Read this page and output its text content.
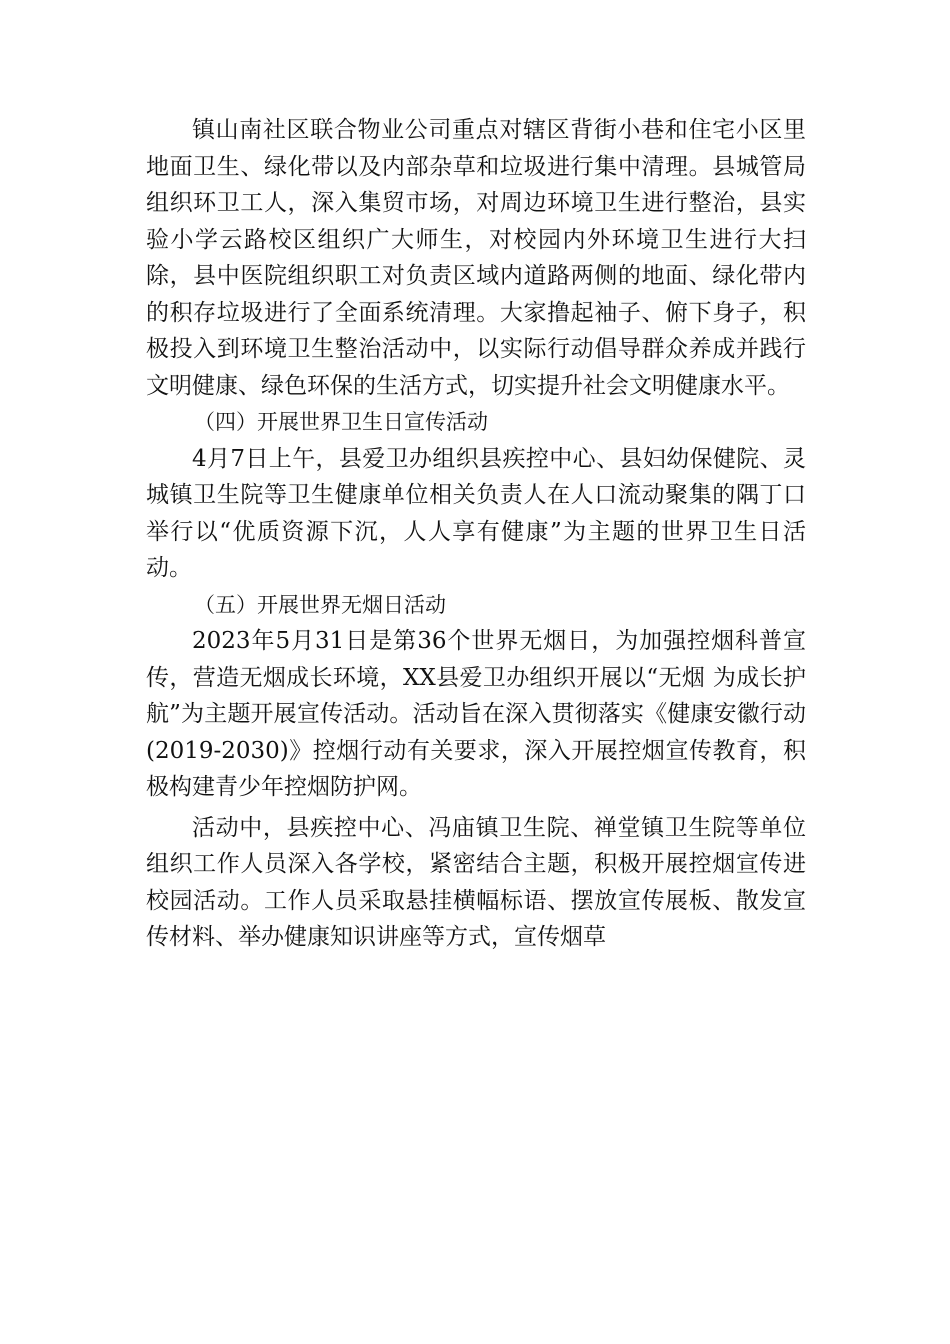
镇山南社区联合物业公司重点对辖区背街小巷和住宅小区里地面卫生、绿化带以及内部杂草和垃圾进行集中清理。县城管局组织环卫工人，深入集贸市场，对周边环境卫生进行整治，县实验小学云路校区组织广大师生，对校园内外环境卫生进行大扫除，县中医院组织职工对负责区域内道路两侧的地面、绿化带内的积存垃圾进行了全面系统清理。大家撸起袖子、俯下身子，积极投入到环境卫生整治活动中，以实际行动倡导群众养成并践行文明健康、绿色环保的生活方式，切实提升社会文明健康水平。

（四）开展世界卫生日宣传活动

4月7日上午，县爱卫办组织县疾控中心、县妇幼保健院、灵城镇卫生院等卫生健康单位相关负责人在人口流动聚集的隅丁口举行以“优质资源下沉，人人享有健康”为主题的世界卫生日活动。

（五）开展世界无烟日活动

2023年5月31日是第36个世界无烟日，为加强控烟科普宣传，营造无烟成长环境，XX县爱卫办组织开展以“无烟 为成长护航”为主题开展宣传活动。活动旨在深入贯彻落实《健康安徽行动(2019-2030)》控烟行动有关要求，深入开展控烟宣传教育，积极构建青少年控烟防护网。

活动中，县疾控中心、冯庙镇卫生院、禅堂镇卫生院等单位组织工作人员深入各学校，紧密结合主题，积极开展控烟宣传进校园活动。工作人员采取悬挂横幅标语、摆放宣传展板、散发宣传材料、举办健康知识讲座等方式，宣传烟草
